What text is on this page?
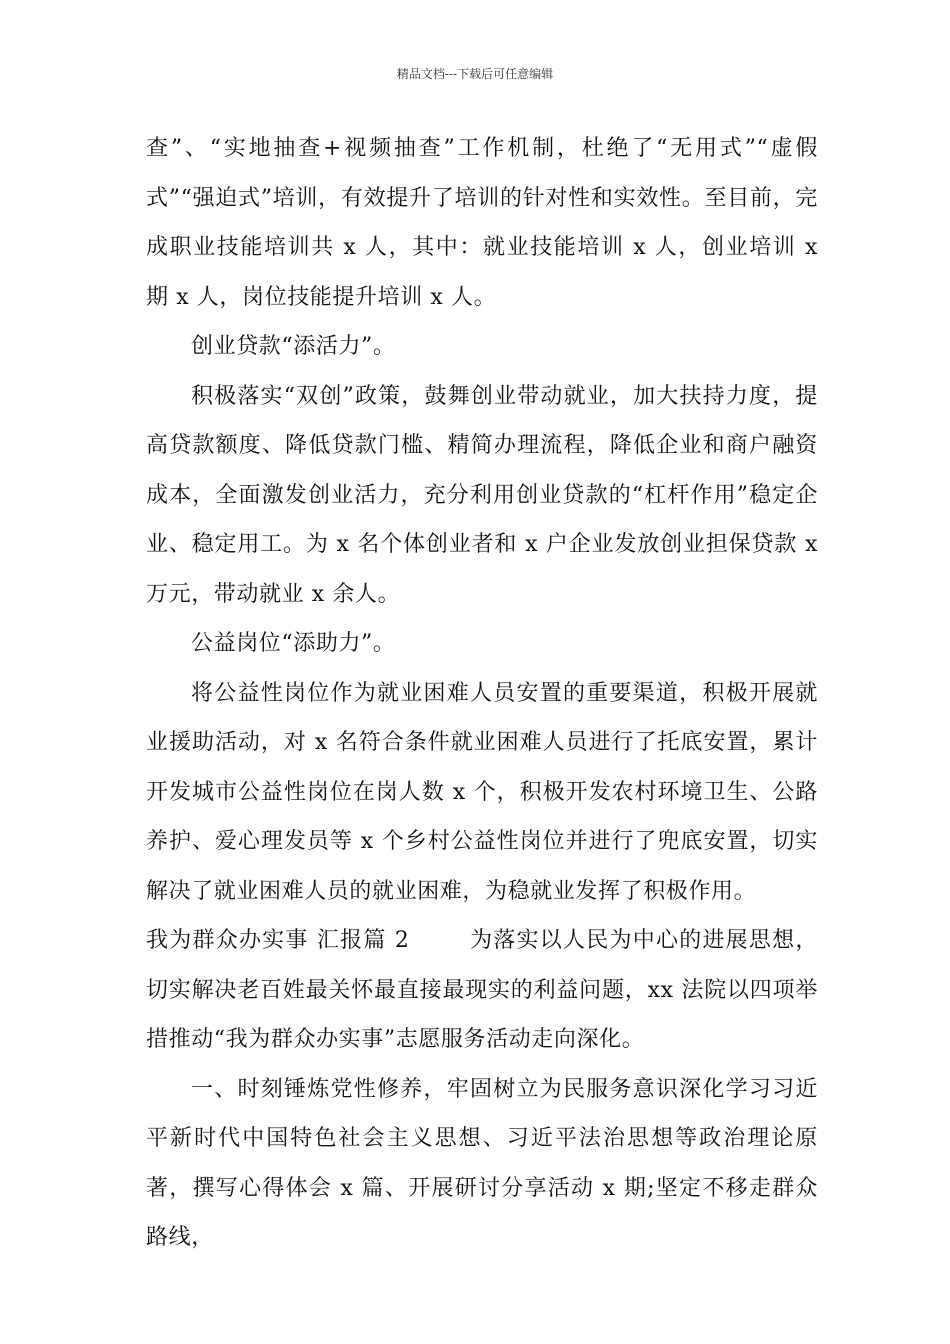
精品文档---下载后可任意编辑

查”、“实地抽查+视频抽查”工作机制，杜绝了“无用式”“虚假式”“强迫式”培训，有效提升了培训的针对性和实效性。至目前，完成职业技能培训共 x 人，其中：就业技能培训 x 人，创业培训 x 期 x 人，岗位技能提升培训 x 人。

创业贷款“添活力”。

积极落实“双创”政策，鼓舞创业带动就业，加大扶持力度，提高贷款额度、降低贷款门槛、精简办理流程，降低企业和商户融资成本，全面激发创业活力，充分利用创业贷款的“杠杆作用”稳定企业、稳定用工。为 x 名个体创业者和 x 户企业发放创业担保贷款 x 万元，带动就业 x 余人。

公益岗位“添助力”。

将公益性岗位作为就业困难人员安置的重要渠道，积极开展就业援助活动，对 x 名符合条件就业困难人员进行了托底安置，累计开发城市公益性岗位在岗人数 x 个，积极开发农村环境卫生、公路养护、爱心理发员等 x 个乡村公益性岗位并进行了兜底安置，切实解决了就业困难人员的就业困难，为稳就业发挥了积极作用。

我为群众办实事 汇报篇 2	为落实以人民为中心的进展思想，切实解决老百姓最关怀最直接最现实的利益问题，xx 法院以四项举措推动“我为群众办实事”志愿服务活动走向深化。

一、时刻锤炼党性修养，牢固树立为民服务意识深化学习习近平新时代中国特色社会主义思想、习近平法治思想等政治理论原著，撰写心得体会 x 篇、开展研讨分享活动 x 期;坚定不移走群众路线，
